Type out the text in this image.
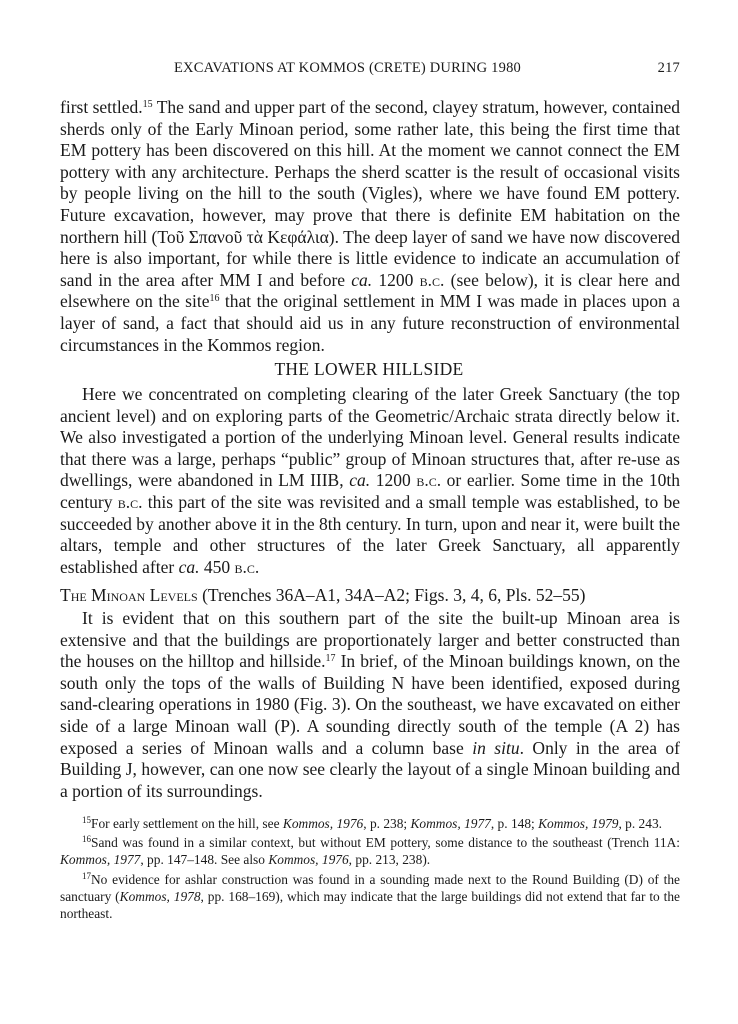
EXCAVATIONS AT KOMMOS (CRETE) DURING 1980	217

first settled.$^{15}$ The sand and upper part of the second, clayey stratum, however, contained sherds only of the Early Minoan period, some rather late, this being the first time that EM pottery has been discovered on this hill. At the moment we cannot connect the EM pottery with any architecture. Perhaps the sherd scatter is the result of occasional visits by people living on the hill to the south (Vigles), where we have found EM pottery. Future excavation, however, may prove that there is definite EM habitation on the northern hill (Τοῦ Σπανοῦ τὰ Κεφάλια). The deep layer of sand we have now discovered here is also important, for while there is little evidence to indicate an accumulation of sand in the area after MM I and before ca. 1200 b.c. (see below), it is clear here and elsewhere on the site$^{16}$ that the original settlement in MM I was made in places upon a layer of sand, a fact that should aid us in any future reconstruction of environmental circumstances in the Kommos region.

THE LOWER HILLSIDE

Here we concentrated on completing clearing of the later Greek Sanctuary (the top ancient level) and on exploring parts of the Geometric/Archaic strata directly below it. We also investigated a portion of the underlying Minoan level. General results indicate that there was a large, perhaps “public” group of Minoan structures that, after re-use as dwellings, were abandoned in LM IIIB, ca. 1200 b.c. or earlier. Some time in the 10th century b.c. this part of the site was revisited and a small temple was established, to be succeeded by another above it in the 8th century. In turn, upon and near it, were built the altars, temple and other structures of the later Greek Sanctuary, all apparently established after ca. 450 b.c.

The Minoan Levels (Trenches 36A–A1, 34A–A2; Figs. 3, 4, 6, Pls. 52–55)

It is evident that on this southern part of the site the built-up Minoan area is extensive and that the buildings are proportionately larger and better constructed than the houses on the hilltop and hillside.$^{17}$ In brief, of the Minoan buildings known, on the south only the tops of the walls of Building N have been identified, exposed during sand-clearing operations in 1980 (Fig. 3). On the southeast, we have excavated on either side of a large Minoan wall (P). A sounding directly south of the temple (A 2) has exposed a series of Minoan walls and a column base in situ. Only in the area of Building J, however, can one now see clearly the layout of a single Minoan building and a portion of its surroundings.

$^{15}$For early settlement on the hill, see Kommos, 1976, p. 238; Kommos, 1977, p. 148; Kommos, 1979, p. 243.

$^{16}$Sand was found in a similar context, but without EM pottery, some distance to the southeast (Trench 11A: Kommos, 1977, pp. 147–148. See also Kommos, 1976, pp. 213, 238).

$^{17}$No evidence for ashlar construction was found in a sounding made next to the Round Building (D) of the sanctuary (Kommos, 1978, pp. 168–169), which may indicate that the large buildings did not extend that far to the northeast.
